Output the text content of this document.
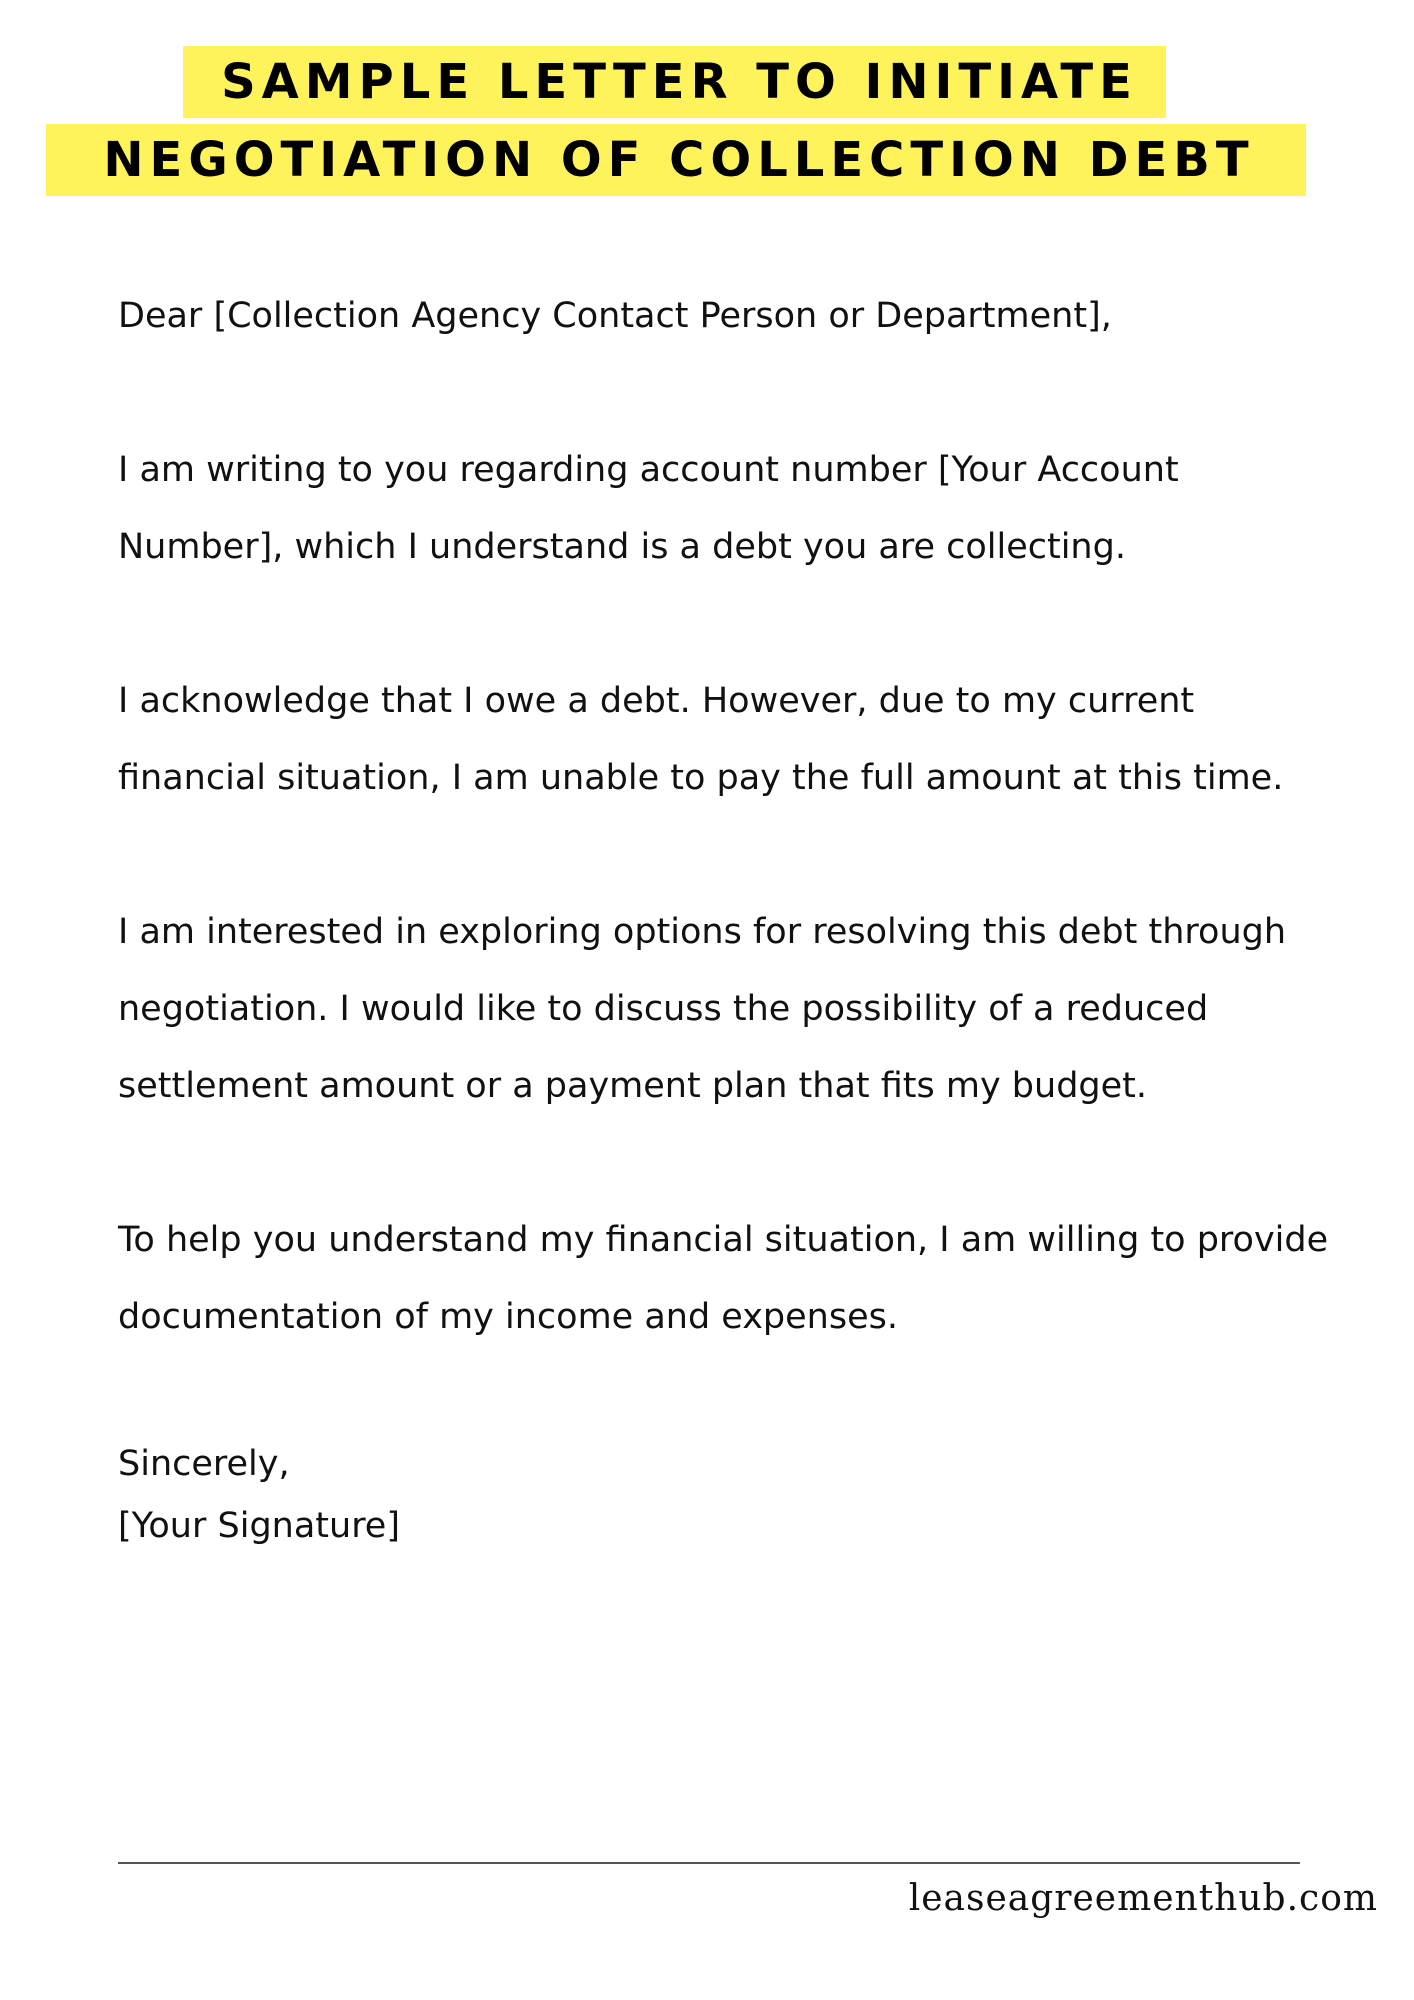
SAMPLE LETTER TO INITIATE
NEGOTIATION OF COLLECTION DEBT

Dear [Collection Agency Contact Person or Department],

I am writing to you regarding account number [Your Account Number], which I understand is a debt you are collecting.

I acknowledge that I owe a debt. However, due to my current financial situation, I am unable to pay the full amount at this time.

I am interested in exploring options for resolving this debt through negotiation. I would like to discuss the possibility of a reduced settlement amount or a payment plan that fits my budget.

To help you understand my financial situation, I am willing to provide documentation of my income and expenses.

Sincerely,
[Your Signature]
leaseagreementhub.com
